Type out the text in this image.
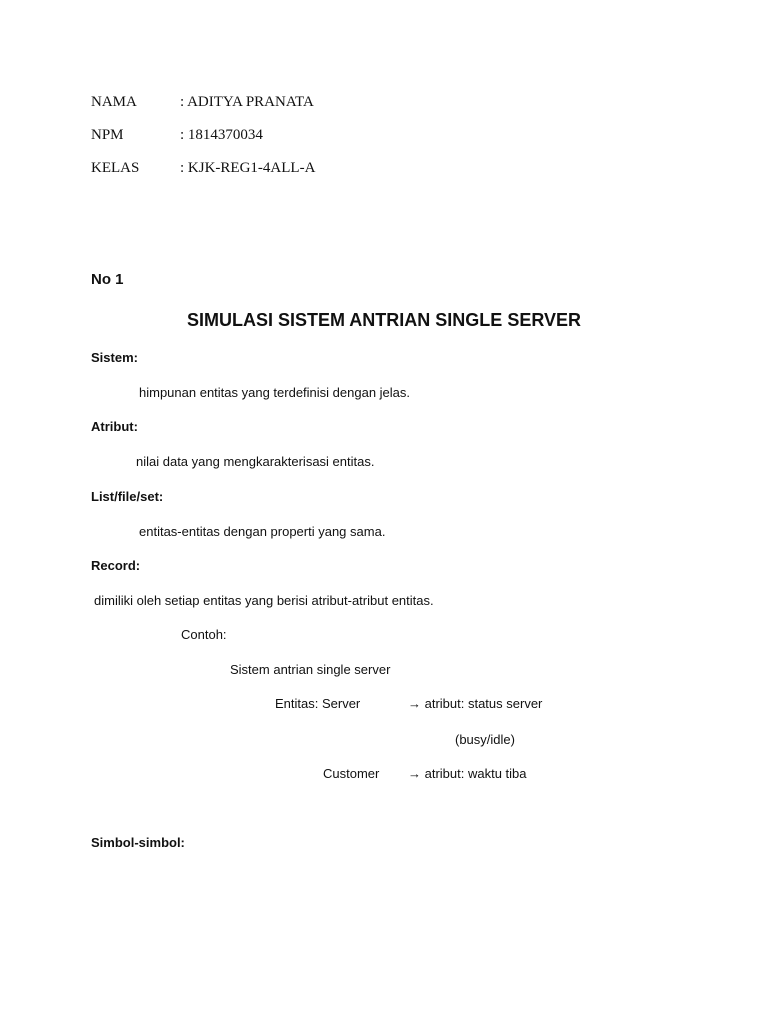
NAMA	: ADITYA PRANATA
NPM	: 1814370034
KELAS	: KJK-REG1-4ALL-A
No 1
SIMULASI SISTEM ANTRIAN SINGLE SERVER
Sistem:
himpunan entitas yang terdefinisi dengan jelas.
Atribut:
nilai data yang mengkarakterisasi entitas.
List/file/set:
entitas-entitas dengan properti yang sama.
Record:
dimiliki oleh setiap entitas yang berisi atribut-atribut entitas.
Contoh:
Sistem antrian single server
Entitas: Server	→ atribut: status server
(busy/idle)
Customer → atribut: waktu tiba
Simbol-simbol:
